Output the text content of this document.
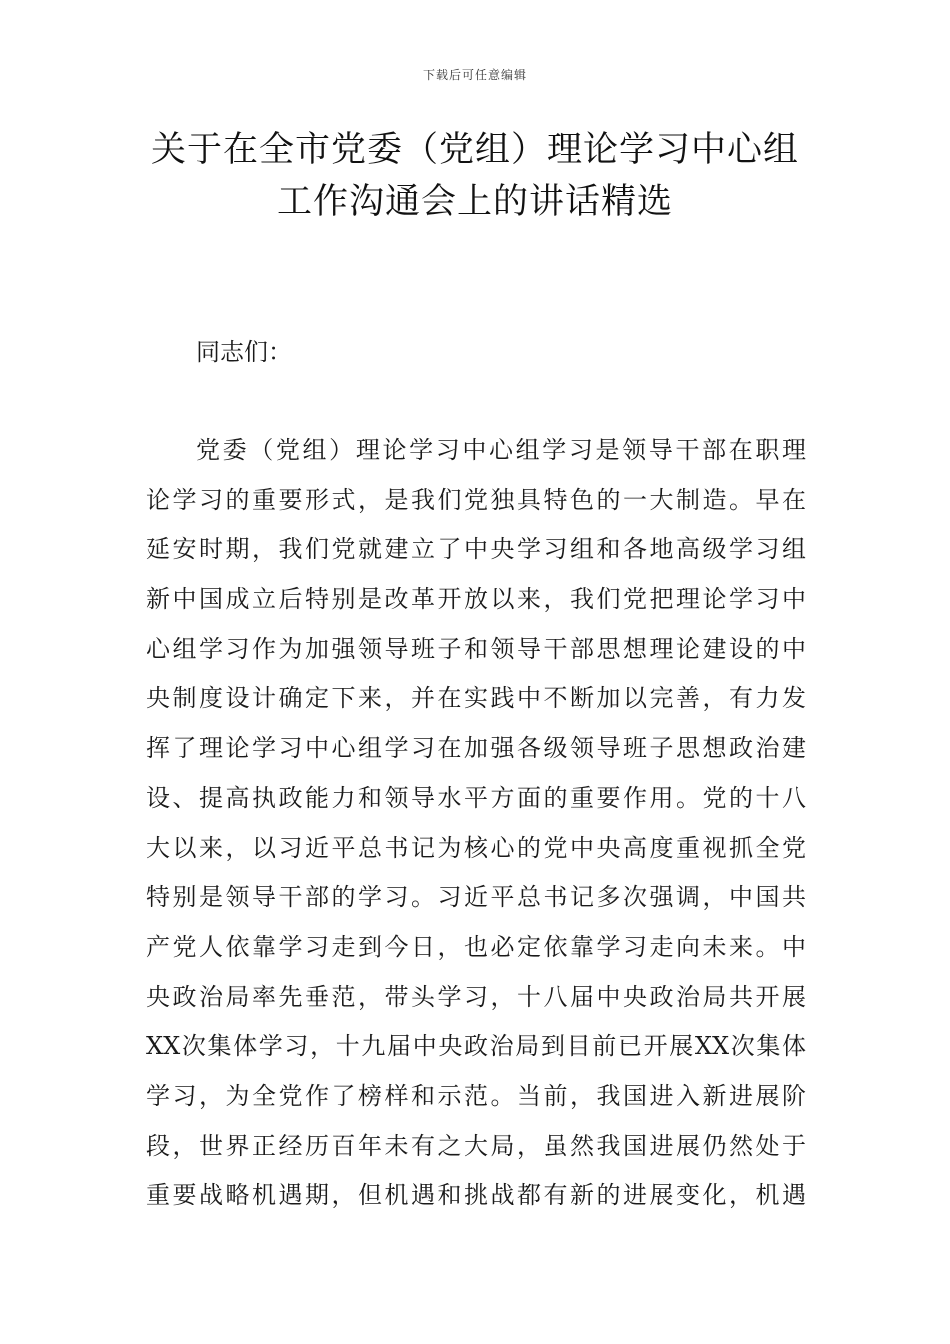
下载后可任意编辑
关于在全市党委（党组）理论学习中心组
工作沟通会上的讲话精选
同志们：
党委（党组）理论学习中心组学习是领导干部在职理
论学习的重要形式，是我们党独具特色的一大制造。早在
延安时期，我们党就建立了中央学习组和各地高级学习组
新中国成立后特别是改革开放以来，我们党把理论学习中
心组学习作为加强领导班子和领导干部思想理论建设的中
央制度设计确定下来，并在实践中不断加以完善，有力发
挥了理论学习中心组学习在加强各级领导班子思想政治建
设、提高执政能力和领导水平方面的重要作用。党的十八
大以来，以习近平总书记为核心的党中央高度重视抓全党
特别是领导干部的学习。习近平总书记多次强调，中国共
产党人依靠学习走到今日，也必定依靠学习走向未来。中
央政治局率先垂范，带头学习，十八届中央政治局共开展
XX次集体学习，十九届中央政治局到目前已开展XX次集体
学习，为全党作了榜样和示范。当前，我国进入新进展阶
段，世界正经历百年未有之大局，虽然我国进展仍然处于
重要战略机遇期，但机遇和挑战都有新的进展变化，机遇
